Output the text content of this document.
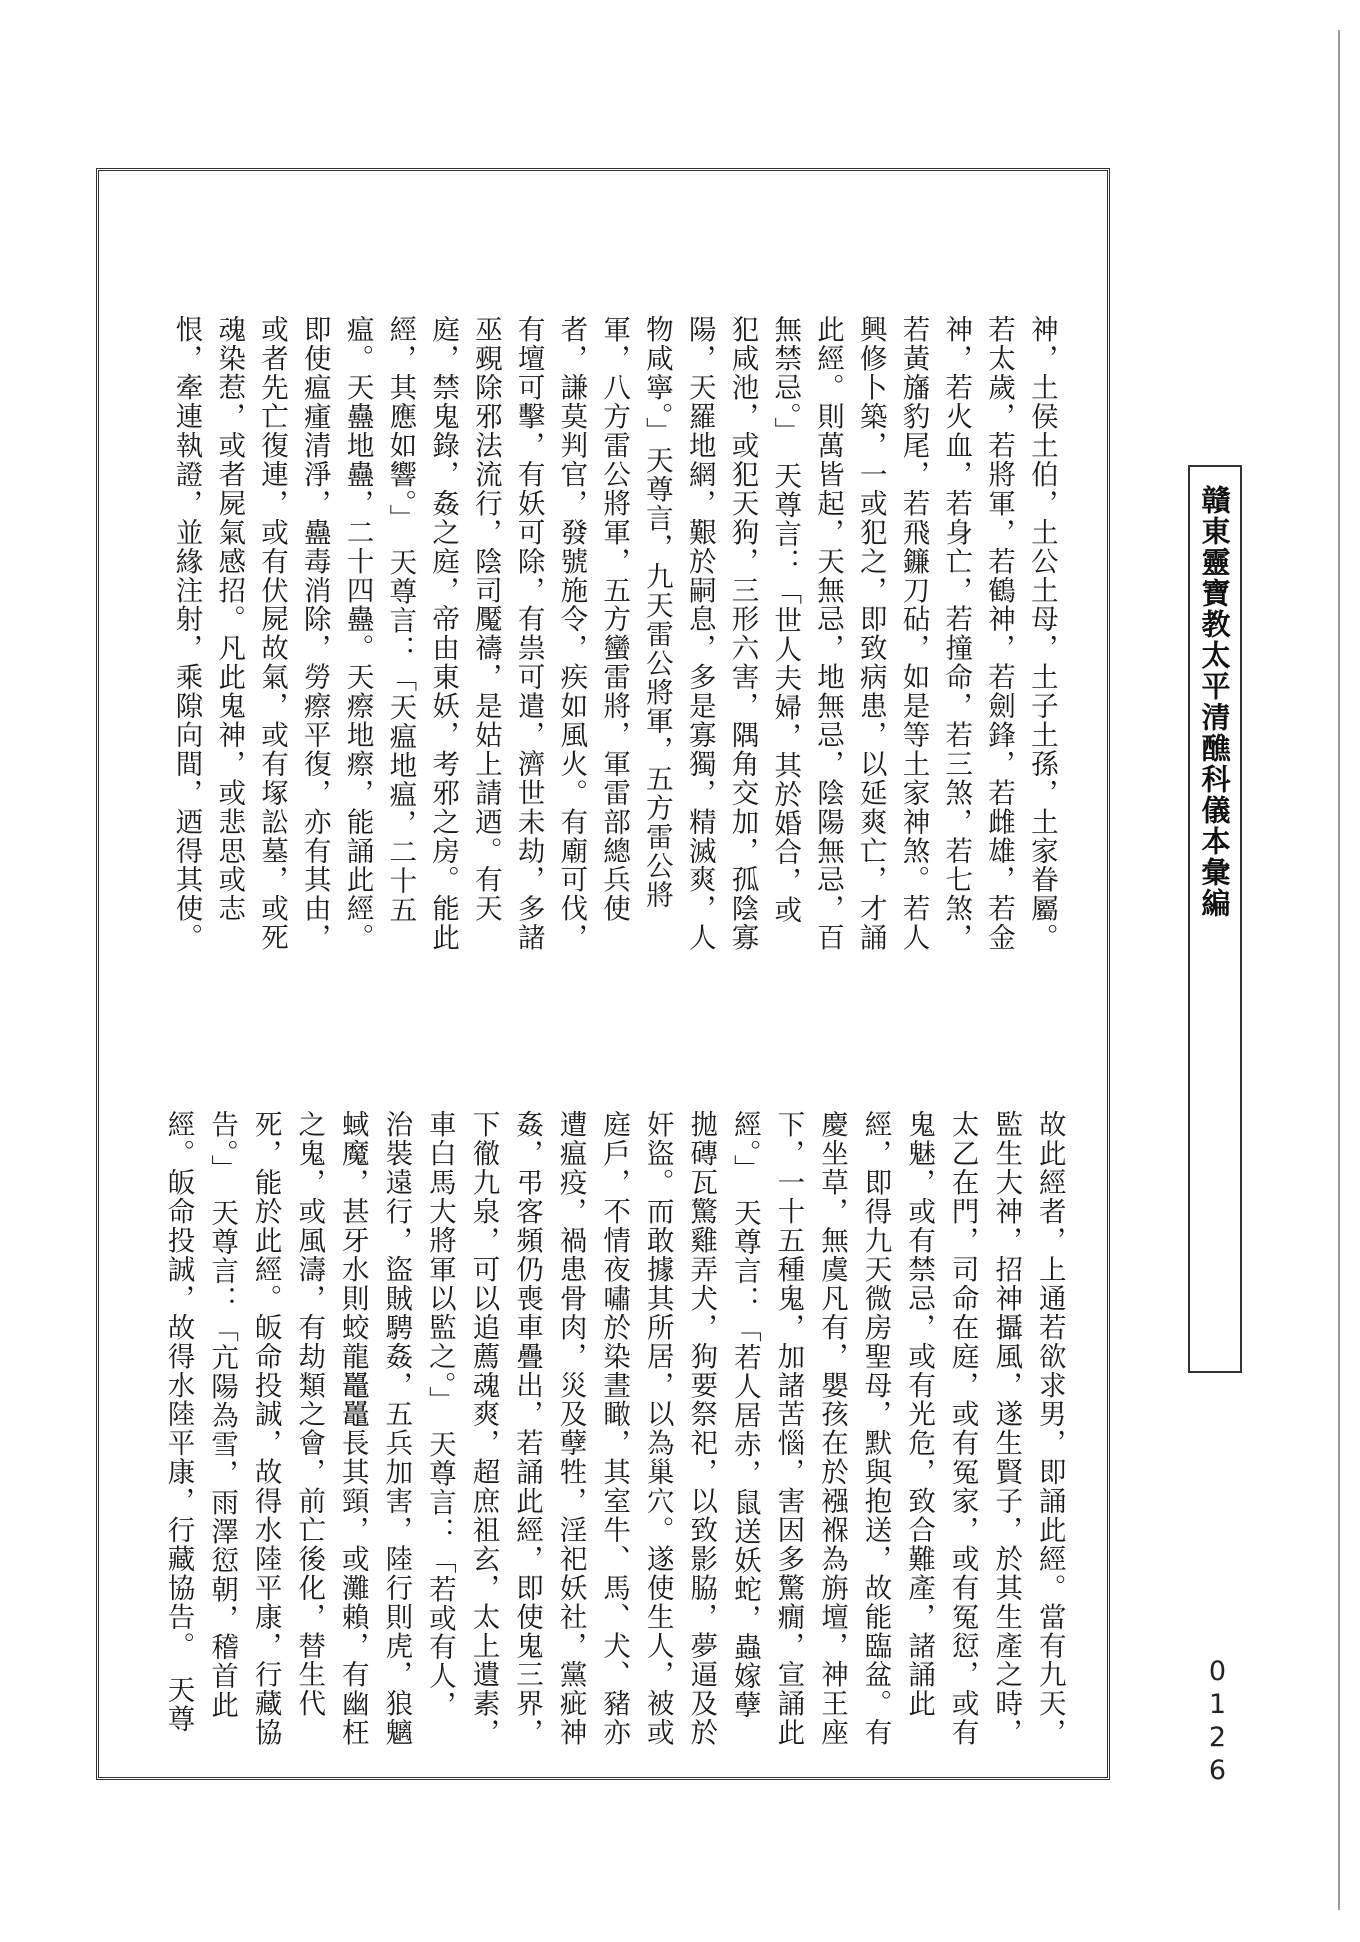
神，土侯土伯，土公土母，土子土孫，土家眷屬。
若太歲，若將軍，若鶴神，若劍鋒，若雌雄，若金
神，若火血，若身亡，若撞命，若三煞，若七煞，
若黃旛豹尾，若飛鐮刀砧，如是等土家神煞。若人
興修卜築，一或犯之，即致病患，以延爽亡，才誦
此經。則萬皆起，天無忌，地無忌，陰陽無忌，百
無禁忌。」　天尊言：「世人夫婦，其於婚合，或
犯咸池，或犯天狗，三形六害，隅角交加，孤陰寡
陽，天羅地網，艱於嗣息，多是寡獨，精滅爽，人
物咸寧。」天尊言，九天雷公將軍，五方雷公將
軍，八方雷公將軍，五方蠻雷將，軍雷部總兵使
者，謙莫判官，發號施令，疾如風火。有廟可伐，
有壇可擊，有妖可除，有祟可遣，濟世未劫，多諸
巫覡除邪法流行，陰司魘禱，是姑上請迺。有天
庭，禁鬼錄，姦之庭，帝由東妖，考邪之房。能此
經，其應如響。」　天尊言：「天瘟地瘟，二十五
瘟。天蠱地蠱，二十四蠱。天瘵地瘵，能誦此經。
即使瘟瘇清淨，蠱毒消除，勞瘵平復，亦有其由，
或者先亡復連，或有伏屍故氣，或有塚訟墓，或死
魂染惹，或者屍氣感招。凡此鬼神，或悲思或志
恨，牽連執證，並緣注射，乘隙向間，迺得其使。
故此經者，上通若欲求男，即誦此經。當有九天，
監生大神，招神攝風，遂生賢子，於其生產之時，
太乙在門，司命在庭，或有冤家，或有冤愆，或有
鬼魅，或有禁忌，或有光危，致合難產，諸誦此
經，即得九天微房聖母，默與抱送，故能臨盆。有
慶坐草，無虞凡有，嬰孩在於襁褓為旃壇，神王座
下，一十五種鬼，加諸苦惱，害因多驚癇，宣誦此
經。」　天尊言：「若人居赤，鼠送妖蛇，蟲嫁孽
拋磚瓦驚雞弄犬，狗要祭祀，以致影脇，夢逼及於
奸盜。而敢據其所居，以為巢穴。遂使生人，被或
庭戶，不情夜嘯於染晝瞰，其室牛、馬、犬、豬亦
遭瘟疫，禍患骨肉，災及孽牲，淫祀妖社，黨疵神
姦，弔客頻仍喪車疊出，若誦此經，即使鬼三界，
下徹九泉，可以追薦魂爽，超庶祖玄，太上遺素，
車白馬大將軍以監之。」　天尊言：「若或有人，
治裝遠行，盜賊騁姦，五兵加害，陸行則虎，狼魑
蜮魔，甚牙水則蛟龍鼉鼉長其頸，或灘賴，有幽枉
之鬼，或風濤，有劫類之會，前亡後化，替生代
死，能於此經。皈命投誠，故得水陸平康，行藏協
告。」　天尊言：「亢陽為雪，雨澤愆朝，稽首此
經。皈命投誠，故得水陸平康，行藏協告。　天尊
贛東靈寶教太平清醮科儀本彙編
0126
